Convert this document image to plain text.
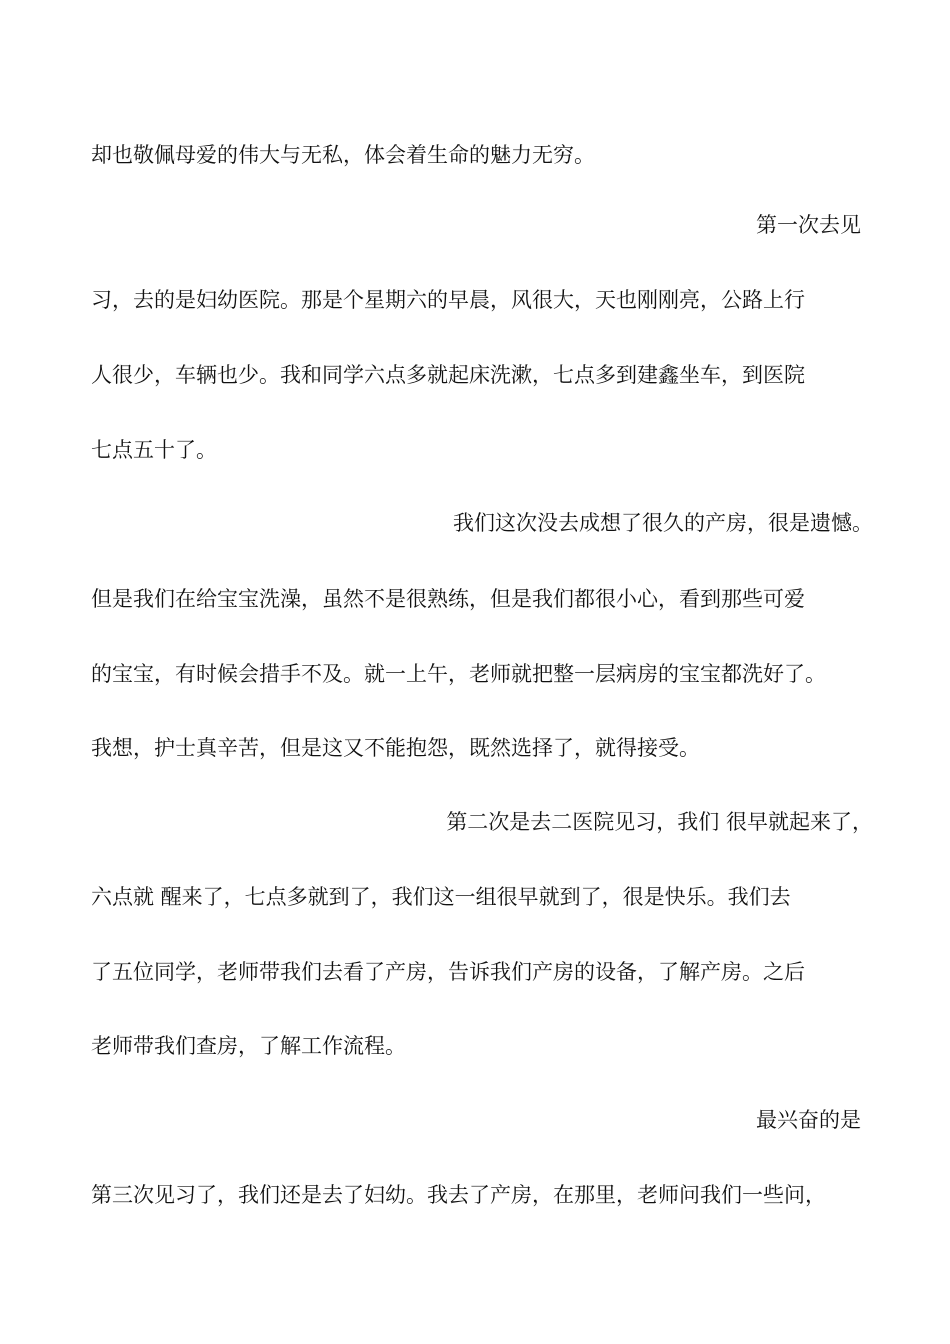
却也敬佩母爱的伟大与无私，体会着生命的魅力无穷。
第一次去见
习，去的是妇幼医院。那是个星期六的早晨，风很大，天也刚刚亮，公路上行
人很少，车辆也少。我和同学六点多就起床洗漱，七点多到建鑫坐车，到医院
七点五十了。
我们这次没去成想了很久的产房，很是遗憾。
但是我们在给宝宝洗澡，虽然不是很熟练，但是我们都很小心，看到那些可爱
的宝宝，有时候会措手不及。就一上午，老师就把整一层病房的宝宝都洗好了。
我想，护士真辛苦，但是这又不能抱怨，既然选择了，就得接受。
第二次是去二医院见习，我们 很早就起来了，
六点就 醒来了，七点多就到了，我们这一组很早就到了，很是快乐。我们去
了五位同学，老师带我们去看了产房，告诉我们产房的设备，了解产房。之后
老师带我们查房，了解工作流程。
最兴奋的是
第三次见习了，我们还是去了妇幼。我去了产房，在那里，老师问我们一些问，
